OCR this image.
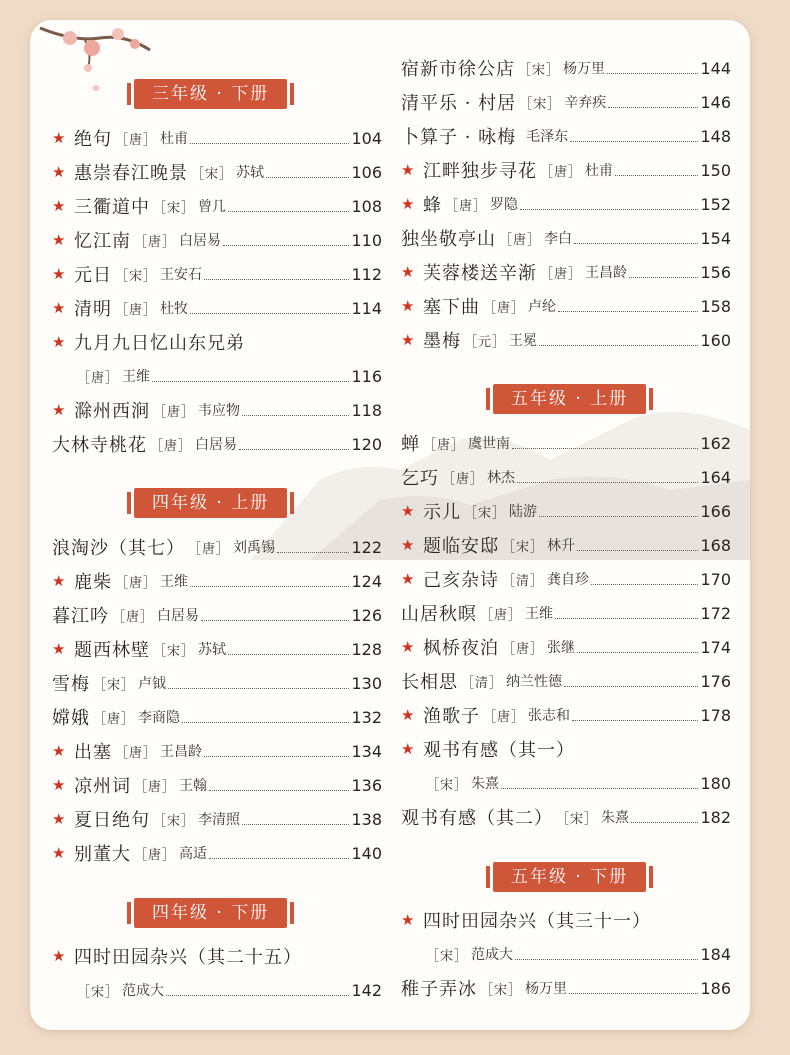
三年级 · 下册
★ 绝句 ［唐］ 杜甫	104
★ 惠崇春江晚景 ［宋］ 苏轼	106
★ 三衢道中 ［宋］ 曾几	108
★ 忆江南 ［唐］ 白居易	110
★ 元日 ［宋］ 王安石	112
★ 清明 ［唐］ 杜牧	114
★ 九月九日忆山东兄弟
［唐］ 王维	116
★ 滁州西涧 ［唐］ 韦应物	118
大林寺桃花 ［唐］ 白居易	120
四年级 · 上册
浪淘沙（其七） ［唐］ 刘禹锡	122
★ 鹿柴 ［唐］ 王维	124
暮江吟 ［唐］ 白居易	126
★ 题西林壁 ［宋］ 苏轼	128
雪梅 ［宋］ 卢钺	130
嫦娥 ［唐］ 李商隐	132
★ 出塞 ［唐］ 王昌龄	134
★ 凉州词 ［唐］ 王翰	136
★ 夏日绝句 ［宋］ 李清照	138
★ 别董大 ［唐］ 高适	140
四年级 · 下册
★ 四时田园杂兴（其二十五）
［宋］ 范成大	142
宿新市徐公店 ［宋］ 杨万里	144
清平乐 · 村居 ［宋］ 辛弃疾	146
卜算子 · 咏梅 毛泽东	148
★ 江畔独步寻花 ［唐］ 杜甫	150
★ 蜂 ［唐］ 罗隐	152
独坐敬亭山 ［唐］ 李白	154
★ 芙蓉楼送辛渐 ［唐］ 王昌龄	156
★ 塞下曲 ［唐］ 卢纶	158
★ 墨梅 ［元］ 王冕	160
五年级 · 上册
蝉 ［唐］ 虞世南	162
乞巧 ［唐］ 林杰	164
★ 示儿 ［宋］ 陆游	166
★ 题临安邸 ［宋］ 林升	168
★ 己亥杂诗 ［清］ 龚自珍	170
山居秋暝 ［唐］ 王维	172
★ 枫桥夜泊 ［唐］ 张继	174
长相思 ［清］ 纳兰性德	176
★ 渔歌子 ［唐］ 张志和	178
★ 观书有感（其一）
［宋］ 朱熹	180
观书有感（其二） ［宋］ 朱熹	182
五年级 · 下册
★ 四时田园杂兴（其三十一）
［宋］ 范成大	184
稚子弄冰 ［宋］ 杨万里	186
